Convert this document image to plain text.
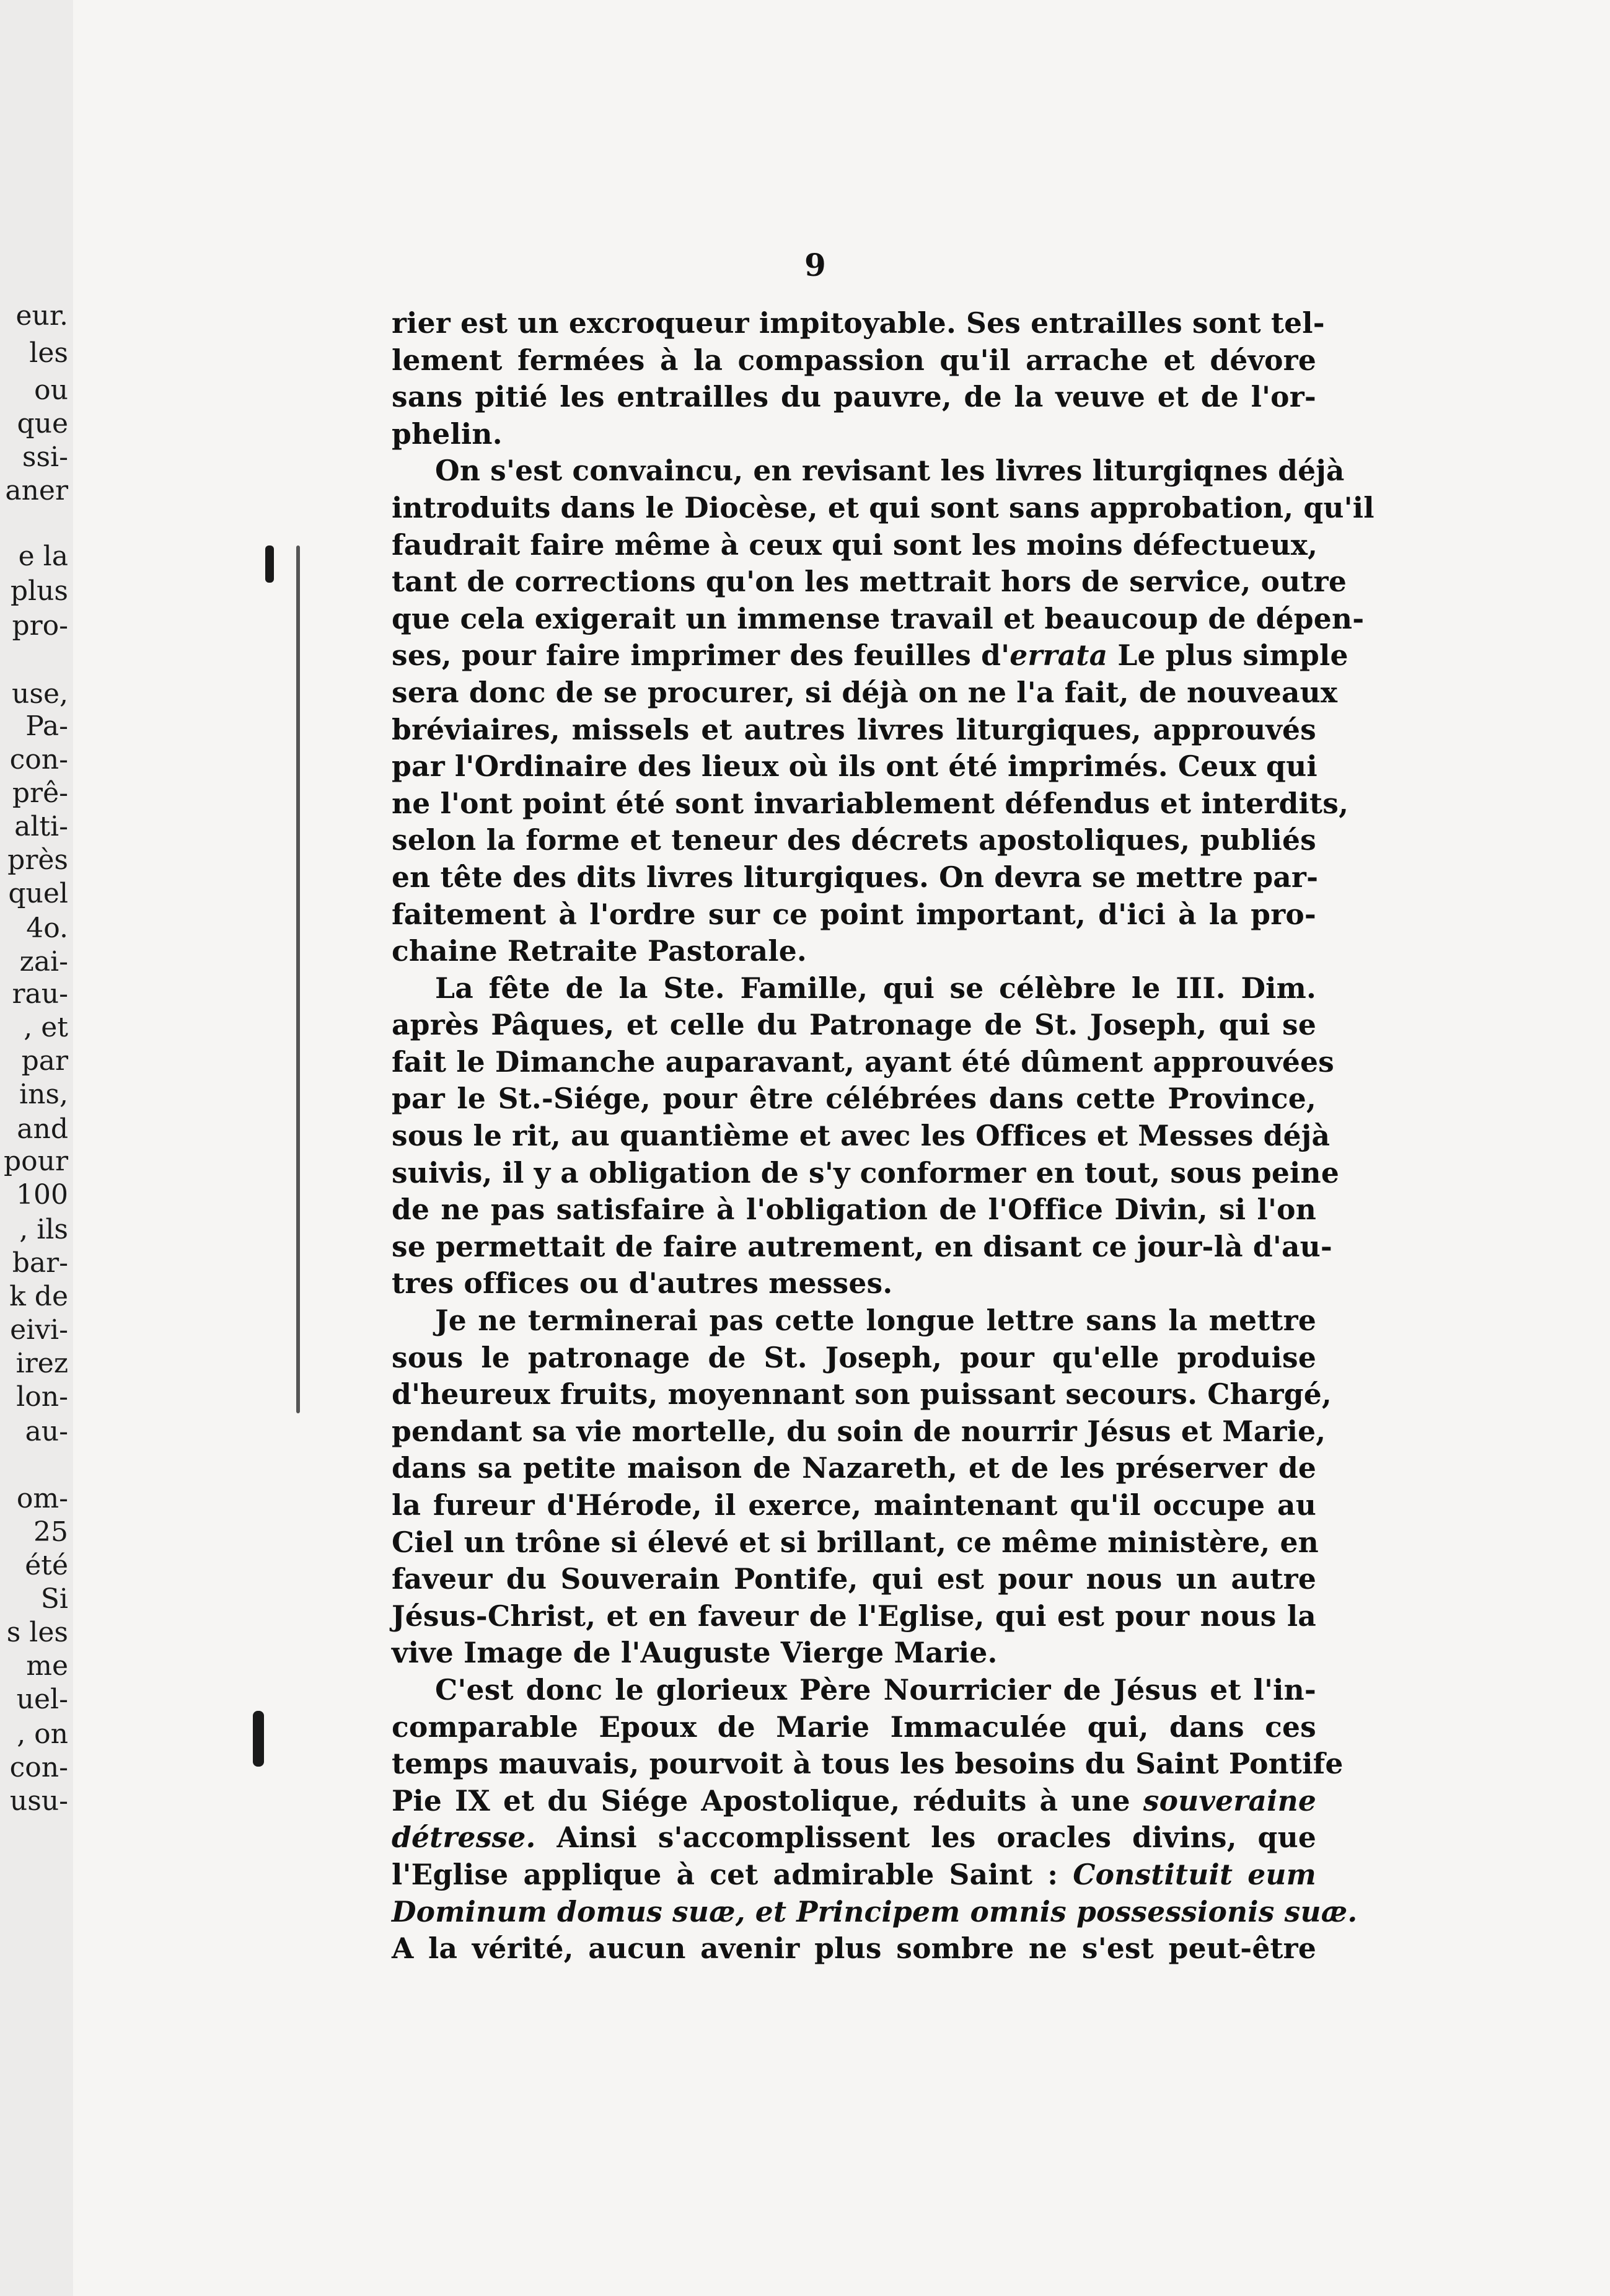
eur.
les
ou
que
ssi-
aner
e la
plus
pro-
use,
Pa-
con-
prê-
alti-
près
quel
4o.
zai-
rau-
, et
par
ins,
and
pour
100
, ils
bar-
k de
eivi-
irez
lon-
au-
om-
25
été
Si
s les
me
uel-
, on
con-
usu-
9
rier est un excroqueur impitoyable. Ses entrailles sont tel-
lement fermées à la compassion qu'il arrache et dévore
sans pitié les entrailles du pauvre, de la veuve et de l'or-
phelin.
On s'est convaincu, en revisant les livres liturgiqnes déjà
introduits dans le Diocèse, et qui sont sans approbation, qu'il
faudrait faire même à ceux qui sont les moins défectueux,
tant de corrections qu'on les mettrait hors de service, outre
que cela exigerait un immense travail et beaucoup de dépen-
ses, pour faire imprimer des feuilles d'errata Le plus simple
sera donc de se procurer, si déjà on ne l'a fait, de nouveaux
bréviaires, missels et autres livres liturgiques, approuvés
par l'Ordinaire des lieux où ils ont été imprimés. Ceux qui
ne l'ont point été sont invariablement défendus et interdits,
selon la forme et teneur des décrets apostoliques, publiés
en tête des dits livres liturgiques. On devra se mettre par-
faitement à l'ordre sur ce point important, d'ici à la pro-
chaine Retraite Pastorale.
La fête de la Ste. Famille, qui se célèbre le III. Dim.
après Pâques, et celle du Patronage de St. Joseph, qui se
fait le Dimanche auparavant, ayant été dûment approuvées
par le St.-Siége, pour être célébrées dans cette Province,
sous le rit, au quantième et avec les Offices et Messes déjà
suivis, il y a obligation de s'y conformer en tout, sous peine
de ne pas satisfaire à l'obligation de l'Office Divin, si l'on
se permettait de faire autrement, en disant ce jour-là d'au-
tres offices ou d'autres messes.
Je ne terminerai pas cette longue lettre sans la mettre
sous le patronage de St. Joseph, pour qu'elle produise
d'heureux fruits, moyennant son puissant secours. Chargé,
pendant sa vie mortelle, du soin de nourrir Jésus et Marie,
dans sa petite maison de Nazareth, et de les préserver de
la fureur d'Hérode, il exerce, maintenant qu'il occupe au
Ciel un trône si élevé et si brillant, ce même ministère, en
faveur du Souverain Pontife, qui est pour nous un autre
Jésus-Christ, et en faveur de l'Eglise, qui est pour nous la
vive Image de l'Auguste Vierge Marie.
C'est donc le glorieux Père Nourricier de Jésus et l'in-
comparable Epoux de Marie Immaculée qui, dans ces
temps mauvais, pourvoit à tous les besoins du Saint Pontife
Pie IX et du Siége Apostolique, réduits à une souveraine
détresse. Ainsi s'accomplissent les oracles divins, que
l'Eglise applique à cet admirable Saint : Constituit eum
Dominum domus suæ, et Principem omnis possessionis suæ.
A la vérité, aucun avenir plus sombre ne s'est peut-être
